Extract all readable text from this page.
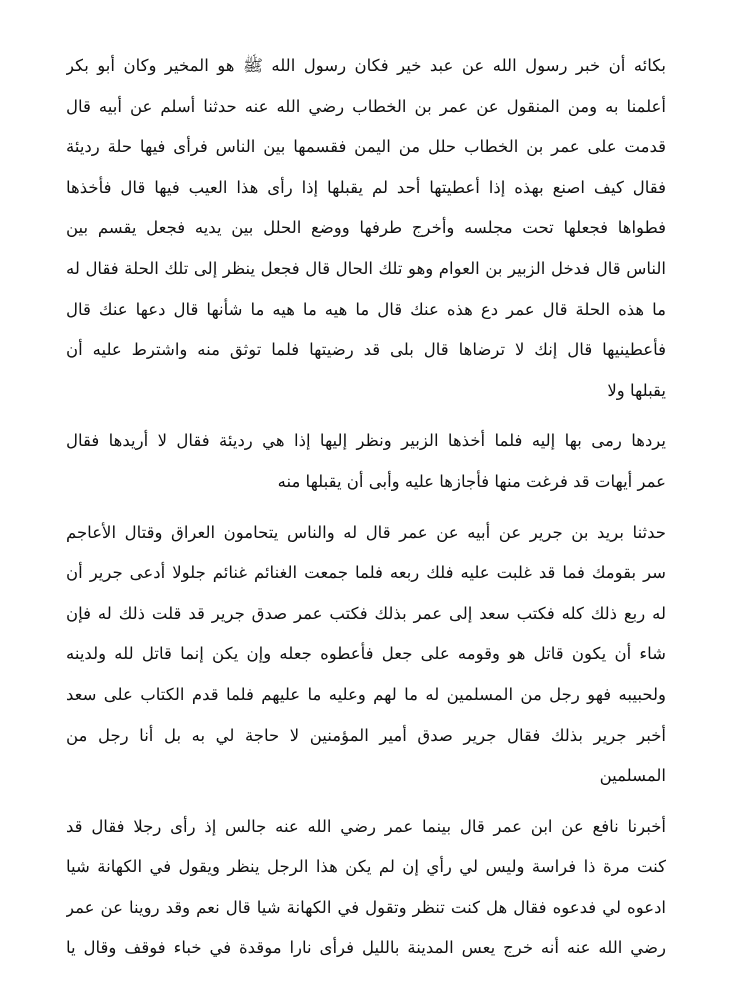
بكائه أن خبر رسول الله عن عبد خير فكان رسول الله ﷺ هو المخير وكان أبو بكر
أعلمنا به ومن المنقول عن عمر بن الخطاب رضي الله عنه حدثنا أسلم عن أبيه قال
قدمت على عمر بن الخطاب حلل من اليمن فقسمها بين الناس فرأى فيها حلة رديئة
فقال كيف اصنع بهذه إذا أعطيتها أحد لم يقبلها إذا رأى هذا العيب فيها قال فأخذها
فطواها فجعلها تحت مجلسه وأخرج طرفها ووضع الحلل بين يديه فجعل يقسم بين
الناس قال فدخل الزبير بن العوام وهو تلك الحال قال فجعل ينظر إلى تلك الحلة فقال له
ما هذه الحلة قال عمر دع هذه عنك قال ما هيه ما هيه ما شأنها قال دعها عنك قال
فأعطينيها قال إنك لا ترضاها قال بلى قد رضيتها فلما توثق منه واشترط عليه أن
يقبلها ولا
يردها رمى بها إليه فلما أخذها الزبير ونظر إليها إذا هي رديئة فقال لا أريدها فقال
عمر أيهات قد فرغت منها فأجازها عليه وأبى أن يقبلها منه
حدثنا بريد بن جرير عن أبيه عن عمر قال له والناس يتحامون العراق وقتال الأعاجم
سر بقومك فما قد غلبت عليه فلك ربعه فلما جمعت الغنائم غنائم جلولا أدعى جرير أن
له ربع ذلك كله فكتب سعد إلى عمر بذلك فكتب عمر صدق جرير قد قلت ذلك له فإن
شاء أن يكون قاتل هو وقومه على جعل فأعطوه جعله وإن يكن إنما قاتل لله ولدينه
ولحبيبه فهو رجل من المسلمين له ما لهم وعليه ما عليهم فلما قدم الكتاب على سعد
أخبر جرير بذلك فقال جرير صدق أمير المؤمنين لا حاجة لي به بل أنا رجل من
المسلمين
أخبرنا نافع عن ابن عمر قال بينما عمر رضي الله عنه جالس إذ رأى رجلا فقال قد
كنت مرة ذا فراسة وليس لي رأي إن لم يكن هذا الرجل ينظر ويقول في الكهانة شيا
ادعوه لي فدعوه فقال هل كنت تنظر وتقول في الكهانة شيا قال نعم وقد روينا عن عمر
رضي الله عنه أنه خرج يعس المدينة بالليل فرأى نارا موقدة في خباء فوقف وقال يا
